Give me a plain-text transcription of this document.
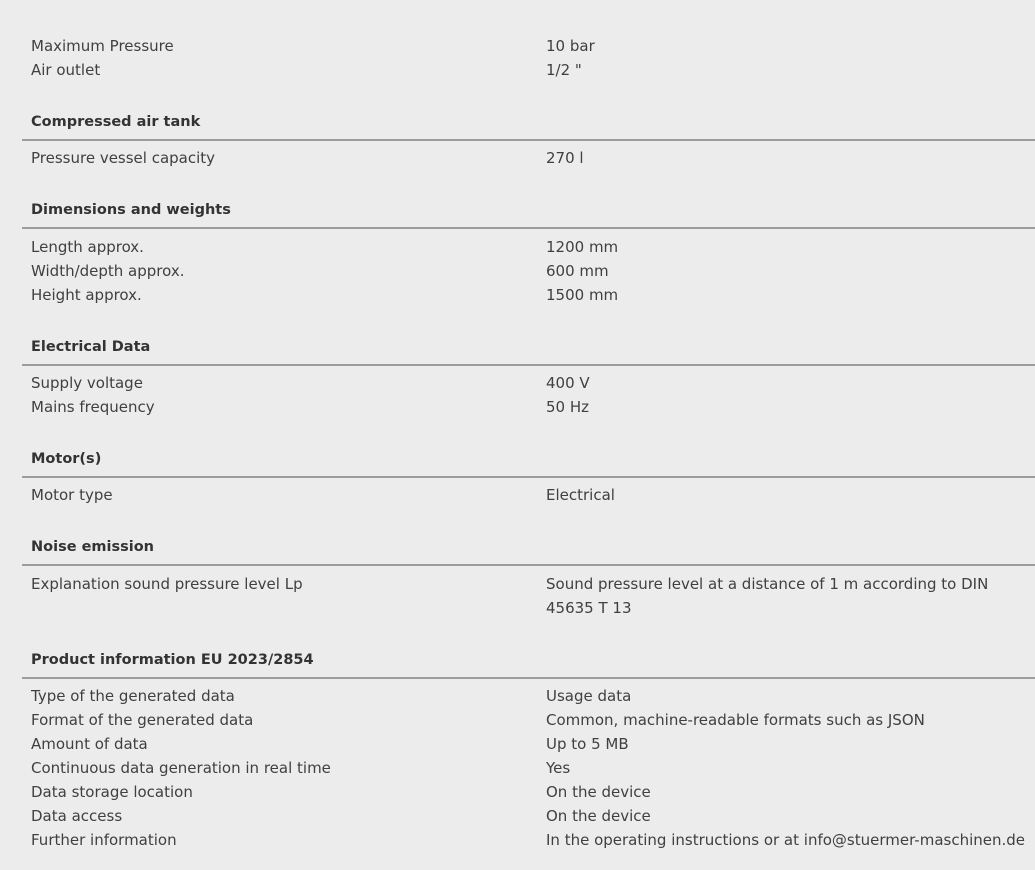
Maximum Pressure	10 bar
Air outlet	1/2 "
Compressed air tank
Pressure vessel capacity	270 l
Dimensions and weights
Length approx.	1200 mm
Width/depth approx.	600 mm
Height approx.	1500 mm
Electrical Data
Supply voltage	400 V
Mains frequency	50 Hz
Motor(s)
Motor type	Electrical
Noise emission
Explanation sound pressure level Lp	Sound pressure level at a distance of 1 m according to DIN 45635 T 13
Product information EU 2023/2854
Type of the generated data	Usage data
Format of the generated data	Common, machine-readable formats such as JSON
Amount of data	Up to 5 MB
Continuous data generation in real time	Yes
Data storage location	On the device
Data access	On the device
Further information	In the operating instructions or at info@stuermer-maschinen.de
